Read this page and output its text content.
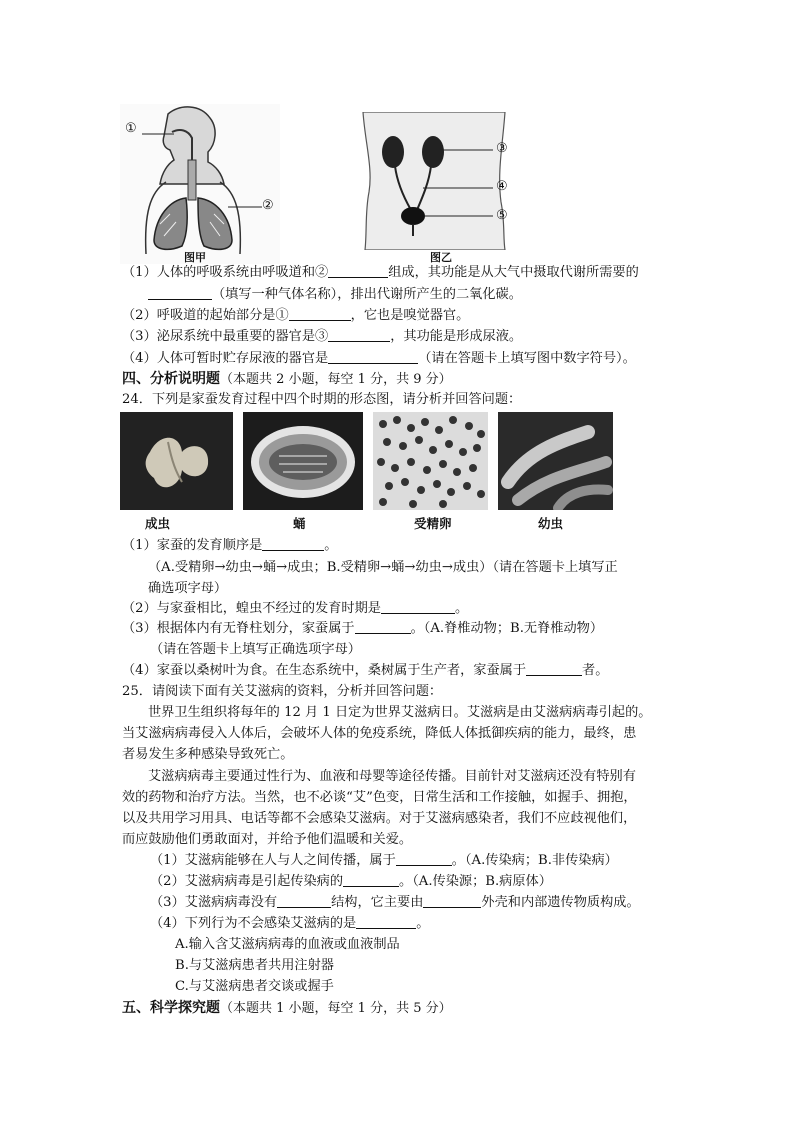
①
②
图甲
③
④
⑤
图乙
（1）人体的呼吸系统由呼吸道和②	组成，其功能是从大气中摄取代谢所需要的
（填写一种气体名称），排出代谢所产生的二氧化碳。
（2）呼吸道的起始部分是①	，它也是嗅觉器官。
（3）泌尿系统中最重要的器官是③	，其功能是形成尿液。
（4）人体可暂时贮存尿液的器官是	（请在答题卡上填写图中数字符号）。
四、分析说明题（本题共 2 小题，每空 1 分，共 9 分）
24．下列是家蚕发育过程中四个时期的形态图，请分析并回答问题：
成虫	蛹	受精卵	幼虫
（1）家蚕的发育顺序是	。
（A.受精卵→幼虫→蛹→成虫；B.受精卵→蛹→幼虫→成虫）（请在答题卡上填写正
确选项字母）
（2）与家蚕相比，蝗虫不经过的发育时期是	。
（3）根据体内有无脊柱划分，家蚕属于	。（A.脊椎动物；B.无脊椎动物）
（请在答题卡上填写正确选项字母）
（4）家蚕以桑树叶为食。在生态系统中，桑树属于生产者，家蚕属于	者。
25．请阅读下面有关艾滋病的资料，分析并回答问题：
世界卫生组织将每年的 12 月 1 日定为世界艾滋病日。艾滋病是由艾滋病病毒引起的。
当艾滋病病毒侵入人体后，会破坏人体的免疫系统，降低人体抵御疾病的能力，最终，患
者易发生多种感染导致死亡。
艾滋病病毒主要通过性行为、血液和母婴等途径传播。目前针对艾滋病还没有特别有
效的药物和治疗方法。当然，也不必谈“艾”色变，日常生活和工作接触，如握手、拥抱，
以及共用学习用具、电话等都不会感染艾滋病。对于艾滋病感染者，我们不应歧视他们，
而应鼓励他们勇敢面对，并给予他们温暖和关爱。
（1）艾滋病能够在人与人之间传播，属于	。（A.传染病；B.非传染病）
（2）艾滋病病毒是引起传染病的	。（A.传染源；B.病原体）
（3）艾滋病病毒没有	结构，它主要由	外壳和内部遗传物质构成。
（4）下列行为不会感染艾滋病的是	。
A.输入含艾滋病病毒的血液或血液制品
B.与艾滋病患者共用注射器
C.与艾滋病患者交谈或握手
五、科学探究题（本题共 1 小题，每空 1 分，共 5 分）
